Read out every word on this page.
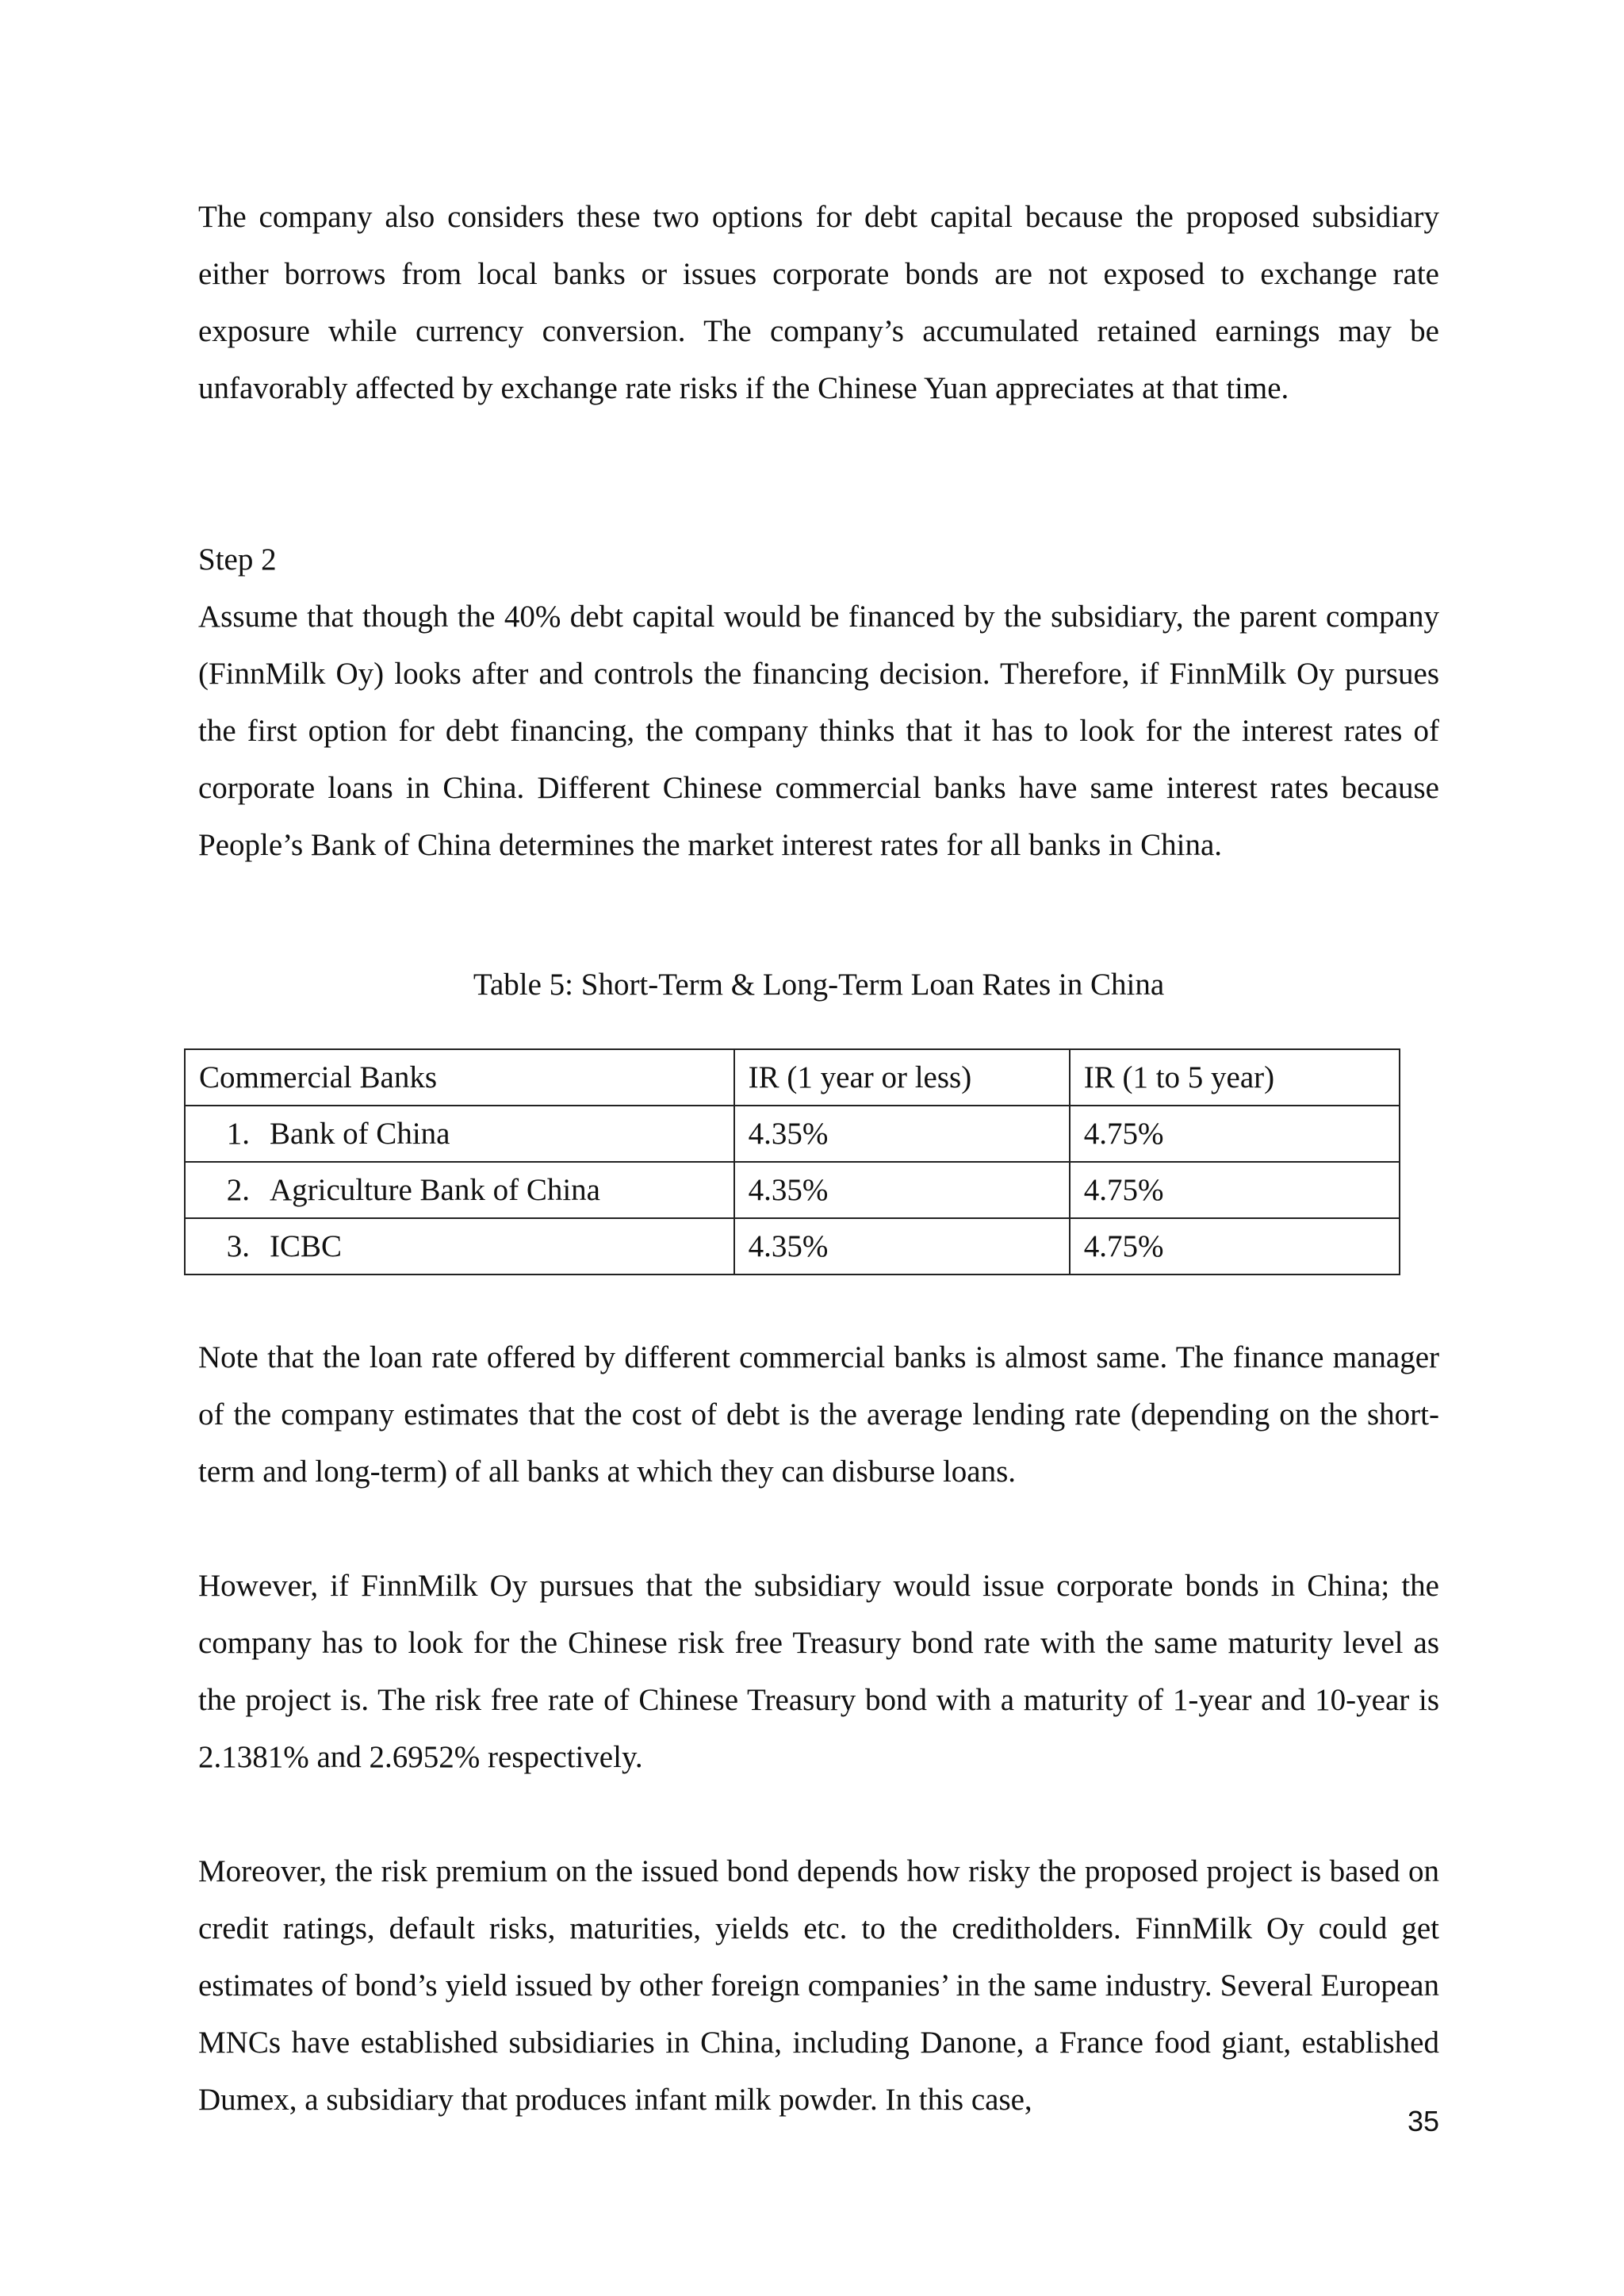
The company also considers these two options for debt capital because the proposed subsidiary either borrows from local banks or issues corporate bonds are not exposed to exchange rate exposure while currency conversion. The company’s accumulated retained earnings may be unfavorably affected by exchange rate risks if the Chinese Yuan appreciates at that time.

Step 2

Assume that though the 40% debt capital would be financed by the subsidiary, the parent company (FinnMilk Oy) looks after and controls the financing decision. Therefore, if FinnMilk Oy pursues the first option for debt financing, the company thinks that it has to look for the interest rates of corporate loans in China. Different Chinese commercial banks have same interest rates because People’s Bank of China determines the market interest rates for all banks in China.

Table 5: Short-Term & Long-Term Loan Rates in China

Commercial Banks	IR (1 year or less)	IR (1 to 5 year)
1. Bank of China	4.35%	4.75%
2. Agriculture Bank of China	4.35%	4.75%
3. ICBC	4.35%	4.75%

Note that the loan rate offered by different commercial banks is almost same. The finance manager of the company estimates that the cost of debt is the average lending rate (depending on the short-term and long-term) of all banks at which they can disburse loans.

However, if FinnMilk Oy pursues that the subsidiary would issue corporate bonds in China; the company has to look for the Chinese risk free Treasury bond rate with the same maturity level as the project is. The risk free rate of Chinese Treasury bond with a maturity of 1-year and 10-year is 2.1381% and 2.6952% respectively.

Moreover, the risk premium on the issued bond depends how risky the proposed project is based on credit ratings, default risks, maturities, yields etc. to the creditholders. FinnMilk Oy could get estimates of bond’s yield issued by other foreign companies’ in the same industry. Several European MNCs have established subsidiaries in China, including Danone, a France food giant, established Dumex, a subsidiary that produces infant milk powder. In this case,

35
